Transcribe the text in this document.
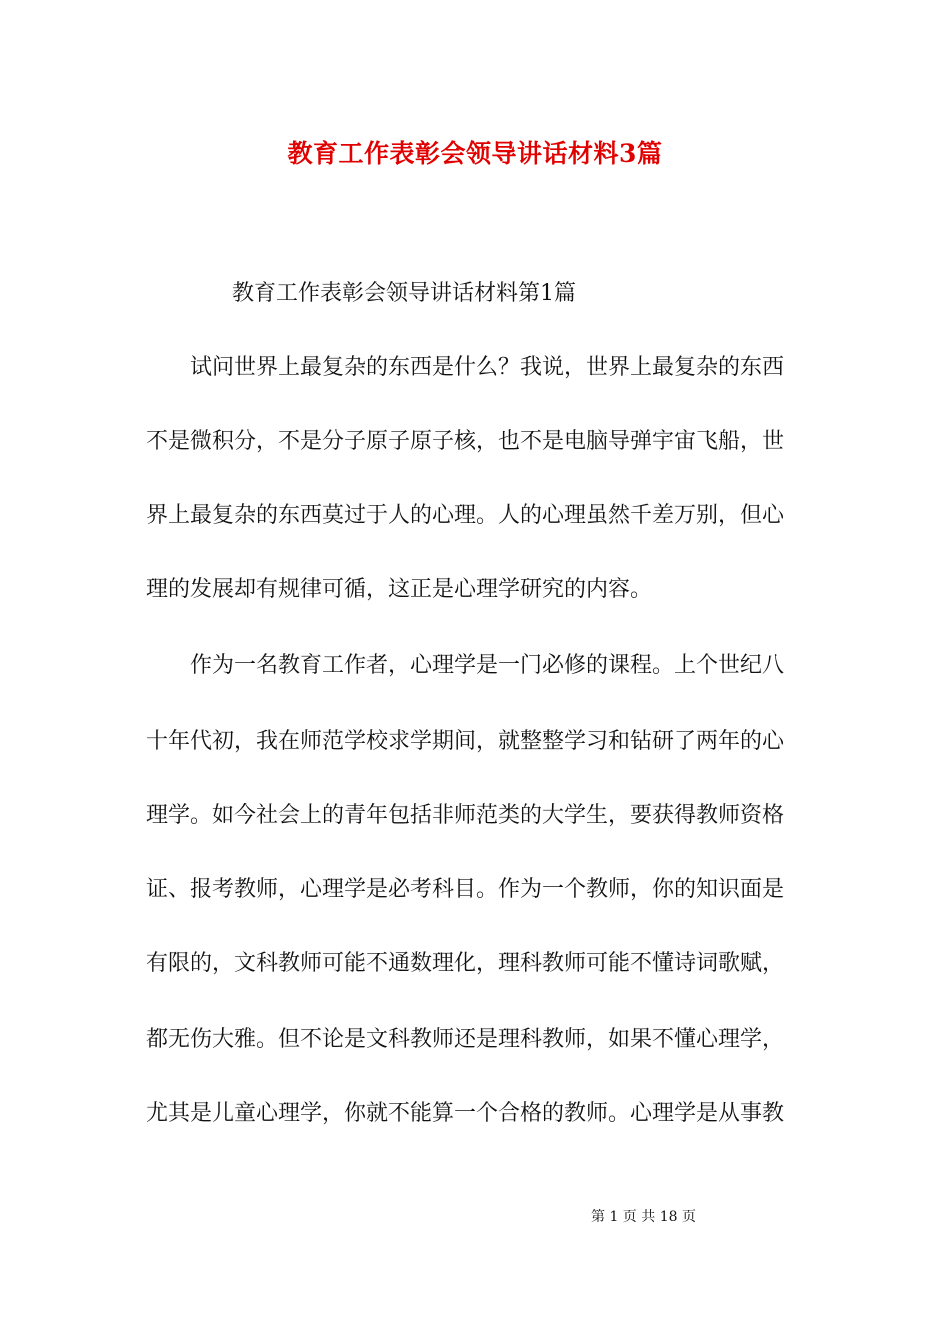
教育工作表彰会领导讲话材料3篇
教育工作表彰会领导讲话材料第1篇
试问世界上最复杂的东西是什么？我说，世界上最复杂的东西
不是微积分，不是分子原子原子核，也不是电脑导弹宇宙飞船，世
界上最复杂的东西莫过于人的心理。人的心理虽然千差万别，但心
理的发展却有规律可循，这正是心理学研究的内容。
作为一名教育工作者，心理学是一门必修的课程。上个世纪八
十年代初，我在师范学校求学期间，就整整学习和钻研了两年的心
理学。如今社会上的青年包括非师范类的大学生，要获得教师资格
证、报考教师，心理学是必考科目。作为一个教师，你的知识面是
有限的，文科教师可能不通数理化，理科教师可能不懂诗词歌赋，
都无伤大雅。但不论是文科教师还是理科教师，如果不懂心理学，
尤其是儿童心理学，你就不能算一个合格的教师。心理学是从事教
第 1 页 共 18 页
